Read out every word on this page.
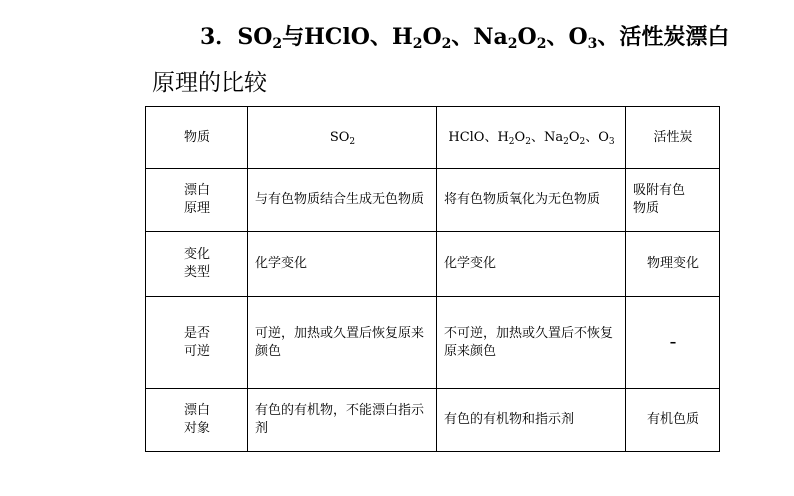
3．$SO_2$与HClO、$H_2O_2$、$Na_2O_2$、$O_3$、活性炭漂白
原理的比较
物质	$SO_2$	HClO、$H_2O_2$、$Na_2O_2$、$O_3$	活性炭
漂白
原理	与有色物质结合生成无色物质	将有色物质氧化为无色物质	吸附有色物质
变化
类型	化学变化	化学变化	物理变化
是否
可逆	可逆，加热或久置后恢复原来颜色	不可逆，加热或久置后不恢复原来颜色	–
漂白
对象	有色的有机物，不能漂白指示剂	有色的有机物和指示剂	有机色质
